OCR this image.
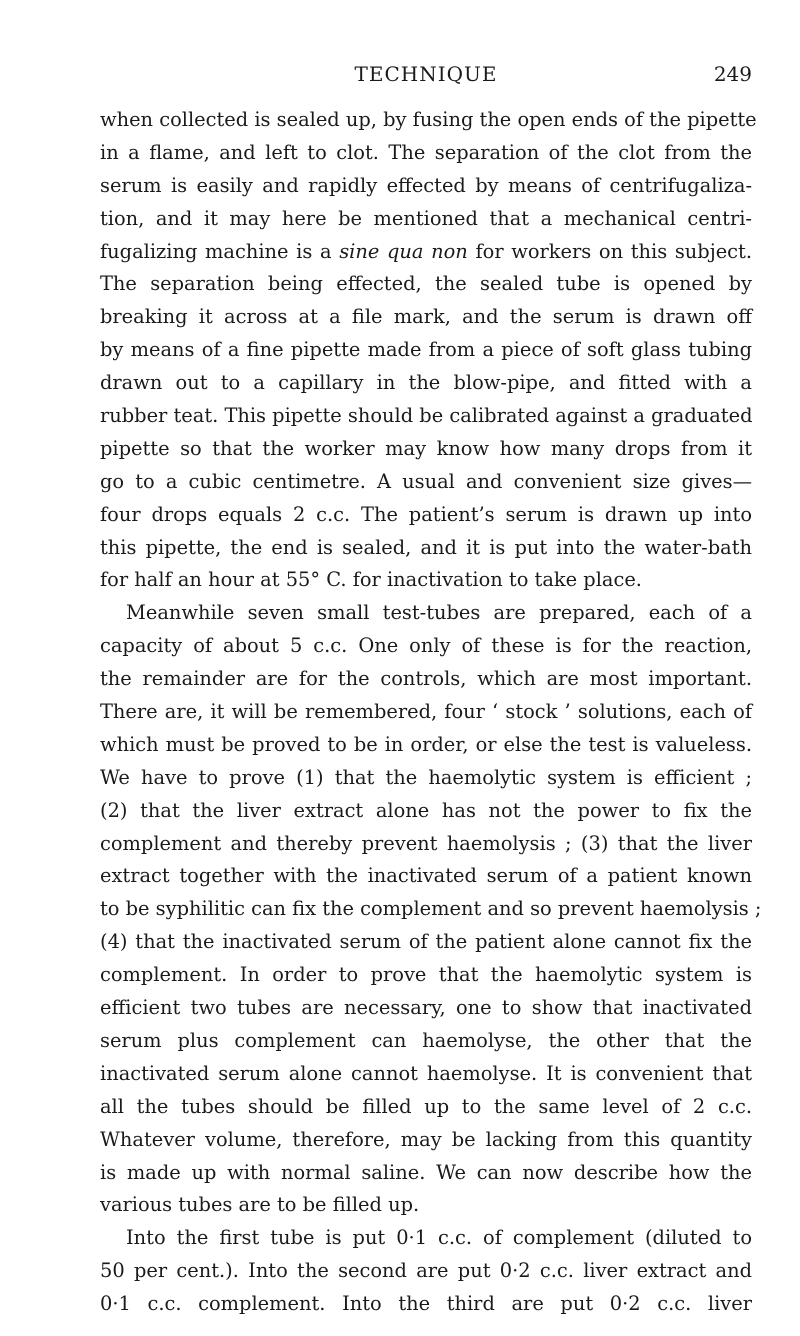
TECHNIQUE	249
when collected is sealed up, by fusing the open ends of the pipette
in a flame, and left to clot. The separation of the clot from the
serum is easily and rapidly effected by means of centrifugaliza-
tion, and it may here be mentioned that a mechanical centri-
fugalizing machine is a sine qua non for workers on this subject.
The separation being effected, the sealed tube is opened by
breaking it across at a file mark, and the serum is drawn off
by means of a fine pipette made from a piece of soft glass tubing
drawn out to a capillary in the blow-pipe, and fitted with a
rubber teat. This pipette should be calibrated against a graduated
pipette so that the worker may know how many drops from it
go to a cubic centimetre. A usual and convenient size gives—
four drops equals 2 c.c. The patient’s serum is drawn up into
this pipette, the end is sealed, and it is put into the water-bath
for half an hour at 55° C. for inactivation to take place.
Meanwhile seven small test-tubes are prepared, each of a
capacity of about 5 c.c. One only of these is for the reaction,
the remainder are for the controls, which are most important.
There are, it will be remembered, four ‘ stock ’ solutions, each of
which must be proved to be in order, or else the test is valueless.
We have to prove (1) that the haemolytic system is efficient ;
(2) that the liver extract alone has not the power to fix the
complement and thereby prevent haemolysis ; (3) that the liver
extract together with the inactivated serum of a patient known
to be syphilitic can fix the complement and so prevent haemolysis ;
(4) that the inactivated serum of the patient alone cannot fix the
complement. In order to prove that the haemolytic system is
efficient two tubes are necessary, one to show that inactivated
serum plus complement can haemolyse, the other that the
inactivated serum alone cannot haemolyse. It is convenient that
all the tubes should be filled up to the same level of 2 c.c.
Whatever volume, therefore, may be lacking from this quantity
is made up with normal saline. We can now describe how the
various tubes are to be filled up.
Into the first tube is put 0·1 c.c. of complement (diluted to
50 per cent.). Into the second are put 0·2 c.c. liver extract and
0·1 c.c. complement. Into the third are put 0·2 c.c. liver
